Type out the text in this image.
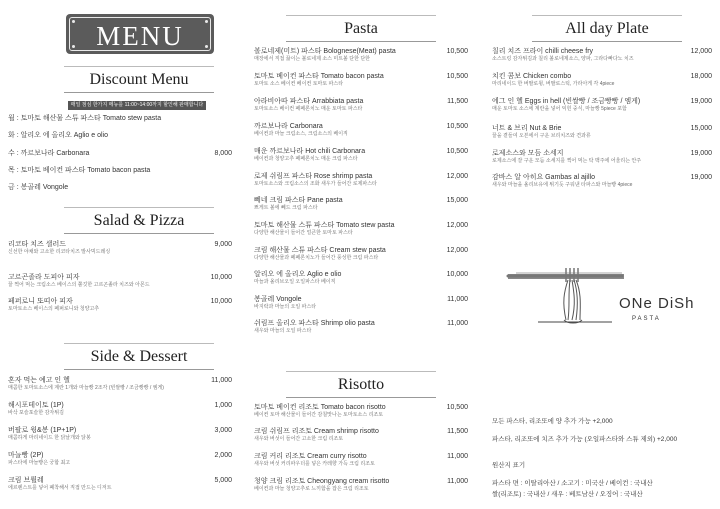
MENU
Discount Menu
매일 점심 한가지 메뉴를 11:00~14:00까지 할인해 판매합니다
월 : 토마토 해산물 스튜 파스타 Tomato stew pasta
화 : 알리오 에 올리오 Aglio e olio
수 : 까르보나라 Carbonara	8,000
목 : 토마토 베이컨 파스타 Tomato bacon pasta
금 : 봉골레 Vongole
Salad & Pizza
리코타 치즈 샐러드
신선한 야채와 고소한 리코타치즈 발사믹드레싱
9,000
고르곤졸라 도피아 피자
꿀 찍어 먹는 크림소스 베이스의 쫄깃한 고르곤졸라 치즈와 아몬드
10,000
페퍼로니 또띠아 피자
토마토소스 베이스의 페퍼로니와 청양고추
10,000
Side & Dessert
혼자 먹는 예고 인 헬
매콤한 토마토소스에 계란 1개와 마늘빵 2조각 (빈쌀빵 / 조금빵빵 / 엠게)
11,000
해시포테이토 (1P)
바삭 포슬포슬한 감자튀김
1,000
버팔로 윙&봉 (1P+1P)
매콤하게 마리네이드 한 닭날개와 닭봉
3,000
마늘빵 (2P)
파스타에 마늘빵은 궁합 최고
2,000
크림 브륄레
에르렌스트를 넣어 폐착해서 직접 만드는 디저트
5,000
Pasta
볼로네제(미트) 파스타 Bolognese(Meat) pasta
매장에서 직접 끓이는 볼로네제 소스 미트볼 단한 단한
10,500
토마토 베이컨 파스타 Tomato bacon pasta
토마토 소스 베이컨 베이컨 토마토 파스타
10,500
아라비아따 파스타 Arrabbiata pasta
토마토소스 베이컨 페페론치노 매운 토마토 파스타
11,500
까르보나라 Carbonara
베이컨과 마늘 크림소스, 크림소스의 베이직
10,500
매운 까르보나라 Hot chili Carbonara
베이컨과 청양고추 페페론치노 매운 크림 파스타
10,500
로제 쉬림프 파스타 Rose shrimp pasta
토마토소스와 크림소스의 조화 새우가 들어간 로제파스타
12,000
뻬네 크림 파스타 Pane pasta
쁘게트 볼에 뻬드 크림 파스타
15,000
토마토 해산물 스튜 파스타 Tomato stew pasta
다양한 해산물이 들어간 얼큰한 토마토 파스타
12,000
크림 해산물 스튜 파스타 Cream stew pasta
다양한 해산물과 페페론치노가 들어간 풍성한 크림 파스타
12,000
알리오 에 올리오 Aglio e olio
마늘과 올리브오일 오일파스타 베이직
10,000
봉골레 Vongole
바지락과 마늘의 오일 파스타
11,000
쉬림프 올리오 파스타 Shrimp olio pasta
새우와 마늘의 오일 파스타
11,000
Risotto
토마토 베이컨 리조토 Tomato bacon risotto
베이컨 토마 해산물이 들어간 감칠맛나는 토마토소스 리조토
10,500
크림 쉬림프 리조토 Cream shrimp risotto
새우와 버섯이 들어간 고소한 크림 리조토
11,500
크림 커리 리조토 Cream curry risotto
새우와 버섯 커리파우더를 넣은 카레향 가득 크림 리조토
11,000
청양 크림 리조토 Cheongyang cream risotto
베이컨과 마늘 청양고추로 느끼함을 잡은 크림 리조토
11,000
All day Plate
칠리 치즈 프라이 chilli cheese fry
소스트링 감자튀김과 칠리 볼로네제소스, 양파, 그라다빠다노 치즈
12,000
치킨 콤보 Chicken combo
마리네이드 한 버팔로윙, 버팔로스틱, 가라아게 각 4piece
18,000
에그 인 헬 Eggs in hell (빈쌀빵 / 조금빵빵 / 엠게)
매운 토마토 소스에 계란을 넣어 익힌 중식, 마늘빵 5piece 포함
19,000
너트 & 브리 Nut & Brie
꿀을 곁들여 오븐에서 구운 브리치즈와 견과류
15,000
로제소스와 모듬 소세지
로제소스에 잘 구운 모듬 소세지를 찍어 먹는 탁 맥주에 어울리는 안주
19,000
감바스 알 아히요 Gambas al ajillo
새우와 마늘을 올리브유에 튀기듯 구워낸 타파스와 마늘빵 4piece
19,000
ONe DiSh
PASTA
모든 파스타, 리조또에 양 추가 가능 +2,000
파스타, 리조또에 치즈 추가 가능 (오일파스타와 스튜 제외) +2,000
원산지 표기
파스타 면 : 이탈리아산 / 소고기 : 미국산 / 베이컨 : 국내산
쌀(리조토) : 국내산 / 새우 : 베트남산 / 오징어 : 국내산
